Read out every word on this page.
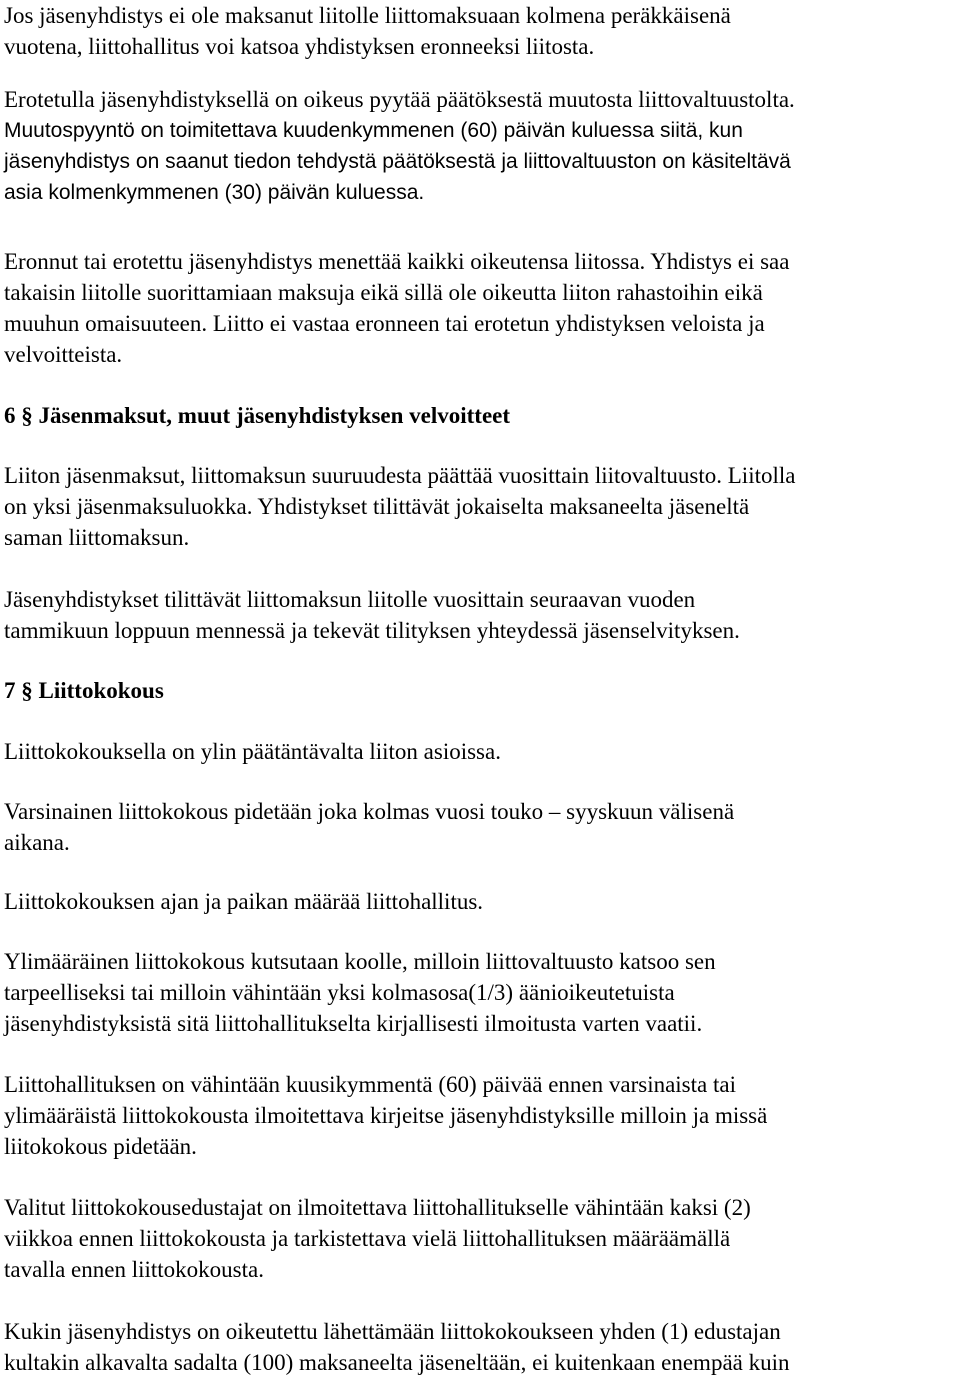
Jos jäsenyhdistys ei ole maksanut liitolle liittomaksuaan kolmena peräkkäisenä
vuotena, liittohallitus voi katsoa yhdistyksen eronneeksi liitosta.

Erotetulla jäsenyhdistyksellä on oikeus pyytää päätöksestä muutosta liittovaltuustolta.
Muutospyyntö on toimitettava kuudenkymmenen (60) päivän kuluessa siitä, kun
jäsenyhdistys on saanut tiedon tehdystä päätöksestä ja liittovaltuuston on käsiteltävä
asia kolmenkymmenen (30) päivän kuluessa.

Eronnut tai erotettu jäsenyhdistys menettää kaikki oikeutensa liitossa. Yhdistys ei saa
takaisin liitolle suorittamiaan maksuja eikä sillä ole oikeutta liiton rahastoihin eikä
muuhun omaisuuteen. Liitto ei vastaa eronneen tai erotetun yhdistyksen veloista ja
velvoitteista.

6 § Jäsenmaksut, muut jäsenyhdistyksen velvoitteet

Liiton jäsenmaksut, liittomaksun suuruudesta päättää vuosittain liitovaltuusto. Liitolla
on yksi jäsenmaksuluokka. Yhdistykset tilittävät jokaiselta maksaneelta jäseneltä
saman liittomaksun.

Jäsenyhdistykset tilittävät liittomaksun liitolle vuosittain seuraavan vuoden
tammikuun loppuun mennessä ja tekevät tilityksen yhteydessä jäsenselvityksen.

7 § Liittokokous

Liittokokouksella on ylin päätäntävalta liiton asioissa.

Varsinainen liittokokous pidetään joka kolmas vuosi touko – syyskuun välisenä
aikana.

Liittokokouksen ajan ja paikan määrää liittohallitus.

Ylimääräinen liittokokous kutsutaan koolle, milloin liittovaltuusto katsoo sen
tarpeelliseksi tai milloin vähintään yksi kolmasosa(1/3) äänioikeutetuista
jäsenyhdistyksistä sitä liittohallitukselta kirjallisesti ilmoitusta varten vaatii.

Liittohallituksen on vähintään kuusikymmentä (60) päivää ennen varsinaista tai
ylimääräistä liittokokousta ilmoitettava kirjeitse jäsenyhdistyksille milloin ja missä
liitokokous pidetään.

Valitut liittokokousedustajat on ilmoitettava liittohallitukselle vähintään kaksi (2)
viikkoa ennen liittokokousta ja tarkistettava vielä liittohallituksen määräämällä
tavalla ennen liittokokousta.

Kukin jäsenyhdistys on oikeutettu lähettämään liittokokoukseen yhden (1) edustajan
kultakin alkavalta sadalta (100) maksaneelta jäseneltään, ei kuitenkaan enempää kuin
